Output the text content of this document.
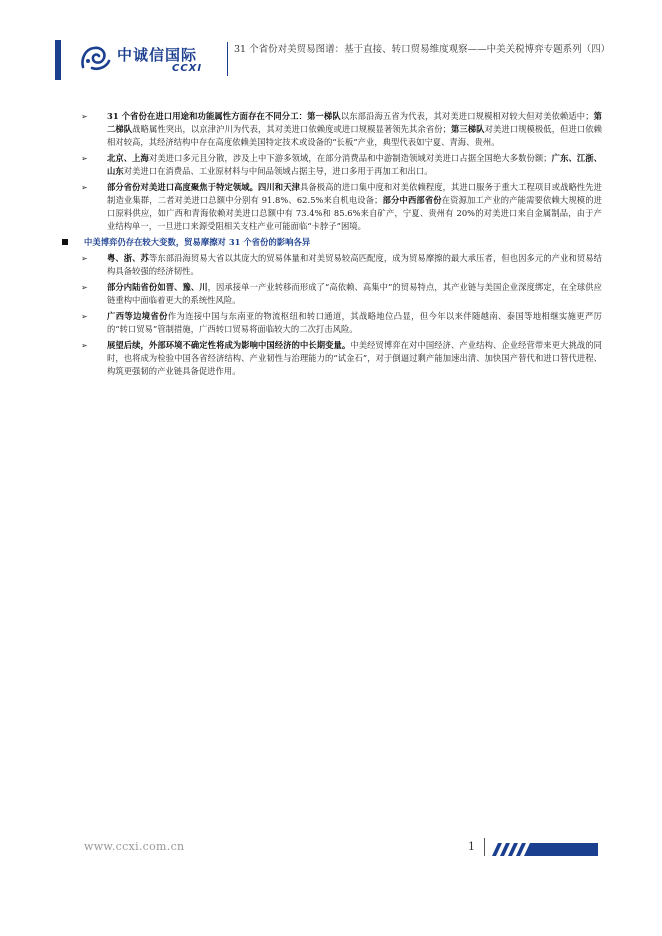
中诚信国际
CCXI
31 个省份对美贸易图谱：基于直接、转口贸易维度观察——中美关税博弈专题系列（四）
➢	31 个省份在进口用途和功能属性方面存在不同分工：第一梯队以东部沿海五省为代表，其对美进口规模相对较大但对美依赖适中；第二梯队战略属性突出，以京津沪川为代表，其对美进口依赖度或进口规模显著领先其余省份；第三梯队对美进口规模极低，但进口依赖相对较高，其经济结构中存在高度依赖美国特定技术或设备的“长板”产业，典型代表如宁夏、青海、贵州。
➢	北京、上海对美进口多元且分散，涉及上中下游多领域，在部分消费品和中游制造领域对美进口占据全国绝大多数份额；广东、江浙、山东对美进口在消费品、工业原材料与中间品领域占据主导，进口多用于再加工和出口。
➢	部分省份对美进口高度聚焦于特定领域。四川和天津具备极高的进口集中度和对美依赖程度，其进口服务于重大工程项目或战略性先进制造业集群，二者对美进口总额中分别有 91.8%、62.5%来自机电设备；部分中西部省份在资源加工产业的产能需要依赖大规模的进口原料供应，如广西和青海依赖对美进口总额中有 73.4%和 85.6%来自矿产，宁夏、贵州有 20%的对美进口来自金属制品，由于产业结构单一，一旦进口来源受阻相关支柱产业可能面临“卡脖子”困境。
中美博弈仍存在较大变数，贸易摩擦对 31 个省份的影响各异
➢	粤、浙、苏等东部沿海贸易大省以其庞大的贸易体量和对美贸易较高匹配度，成为贸易摩擦的最大承压者，但也因多元的产业和贸易结构具备较强的经济韧性。
➢	部分内陆省份如晋、豫、川，因承接单一产业转移而形成了“高依赖、高集中”的贸易特点，其产业链与美国企业深度绑定，在全球供应链重构中面临着更大的系统性风险。
➢	广西等边境省份作为连接中国与东南亚的物流枢纽和转口通道，其战略地位凸显，但今年以来伴随越南、泰国等地相继实施更严厉的“转口贸易”管制措施，广西转口贸易将面临较大的二次打击风险。
➢	展望后续，外部环境不确定性将成为影响中国经济的中长期变量。中美经贸博弈在对中国经济、产业结构、企业经营带来更大挑战的同时，也将成为检验中国各省经济结构、产业韧性与治理能力的“试金石”，对于倒逼过剩产能加速出清、加快国产替代和进口替代进程、构筑更强韧的产业链具备促进作用。
www.ccxi.com.cn	1
